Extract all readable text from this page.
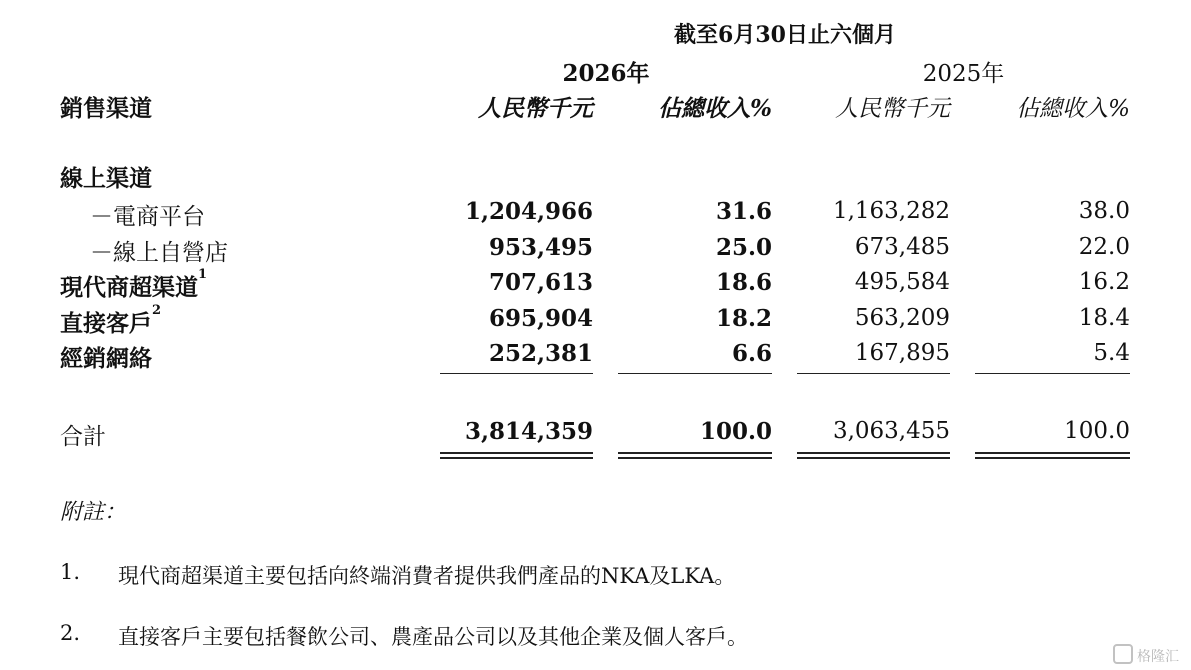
截至6月30日止六個月
2026年	2025年
銷售渠道	人民幣千元	佔總收入%	人民幣千元	佔總收入%
線上渠道
－電商平台	1,204,966	31.6	1,163,282	38.0
－線上自營店	953,495	25.0	673,485	22.0
現代商超渠道$^1$	707,613	18.6	495,584	16.2
直接客戶$^2$	695,904	18.2	563,209	18.4
經銷網絡	252,381	6.6	167,895	5.4
合計	3,814,359	100.0	3,063,455	100.0
附註：
1. 現代商超渠道主要包括向終端消費者提供我們產品的NKA及LKA。
2. 直接客戶主要包括餐飲公司、農產品公司以及其他企業及個人客戶。
格隆汇
